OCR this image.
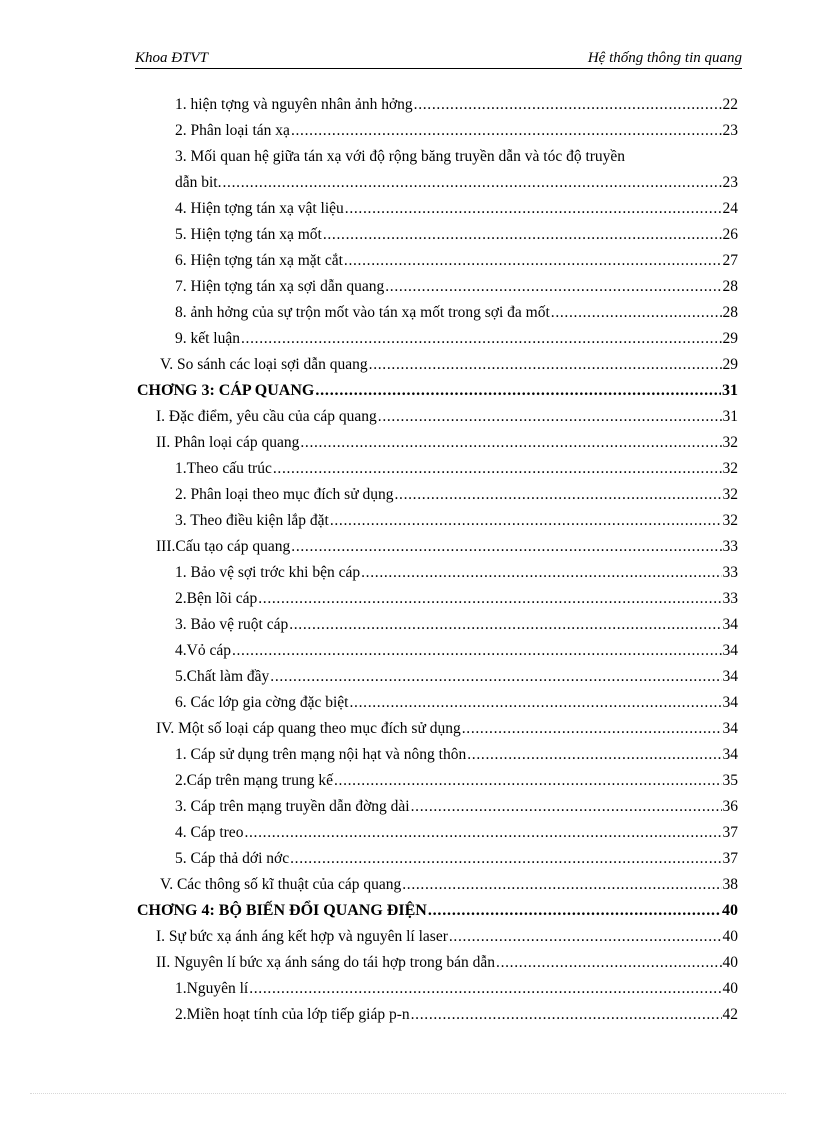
Khoa ĐTVT	Hệ thống thông tin quang
1. hiện tợng và nguyên nhân ảnh hởng . . .	22
2. Phân loại tán xạ . . .	23
3. Mối quan hệ giữa tán xạ với độ rộng băng truyền dẫn và tóc độ truyền
dẫn bit. . . .	23
4. Hiện tợng tán xạ vật liệu . . .	24
5. Hiện tợng tán xạ mốt . . .	26
6. Hiện tợng tán xạ mặt cắt . . .	27
7. Hiện tợng tán xạ sợi dẫn quang . . .	28
8. ảnh hởng của sự trộn mốt vào tán xạ mốt trong sợi đa mốt . . .	28
9. kết luận . . .	29
V. So sánh các loại sợi dẫn quang . . .	29
CHƠNG 3: CÁP QUANG . . .	31
I. Đặc điểm, yêu cầu của cáp quang . . .	31
II. Phân loại cáp quang . . .	32
1.Theo cấu trúc . . .	32
2. Phân loại theo mục đích sử dụng . . .	32
3. Theo điều kiện lắp đặt . . .	32
III.Cấu tạo cáp quang . . .	33
1. Bảo vệ sợi trớc khi bện cáp . . .	33
2.Bện lõi cáp . . .	33
3. Bảo vệ ruột cáp . . .	34
4.Vỏ cáp . . .	34
5.Chất làm đầy . . .	34
6. Các lớp gia cờng đặc biệt . . .	34
IV. Một số loại cáp quang theo mục đích sử dụng . . .	34
1. Cáp sử dụng trên mạng nội hạt và nông thôn . . .	34
2.Cáp trên mạng trung kế . . .	35
3. Cáp trên mạng truyền dẫn đờng dài . . .	36
4. Cáp treo . . .	37
5. Cáp thả dới nớc . . .	37
V. Các thông số kĩ thuật của cáp quang . . .	38
CHƠNG 4: BỘ BIẾN ĐỔI QUANG ĐIỆN . . .	40
I. Sự bức xạ ánh áng kết hợp và nguyên lí laser . . .	40
II. Nguyên lí bức xạ ánh sáng do tái hợp trong bán dẫn . . .	40
1.Nguyên lí . . .	40
2.Miền hoạt tính của lớp tiếp giáp p-n . . .	42
